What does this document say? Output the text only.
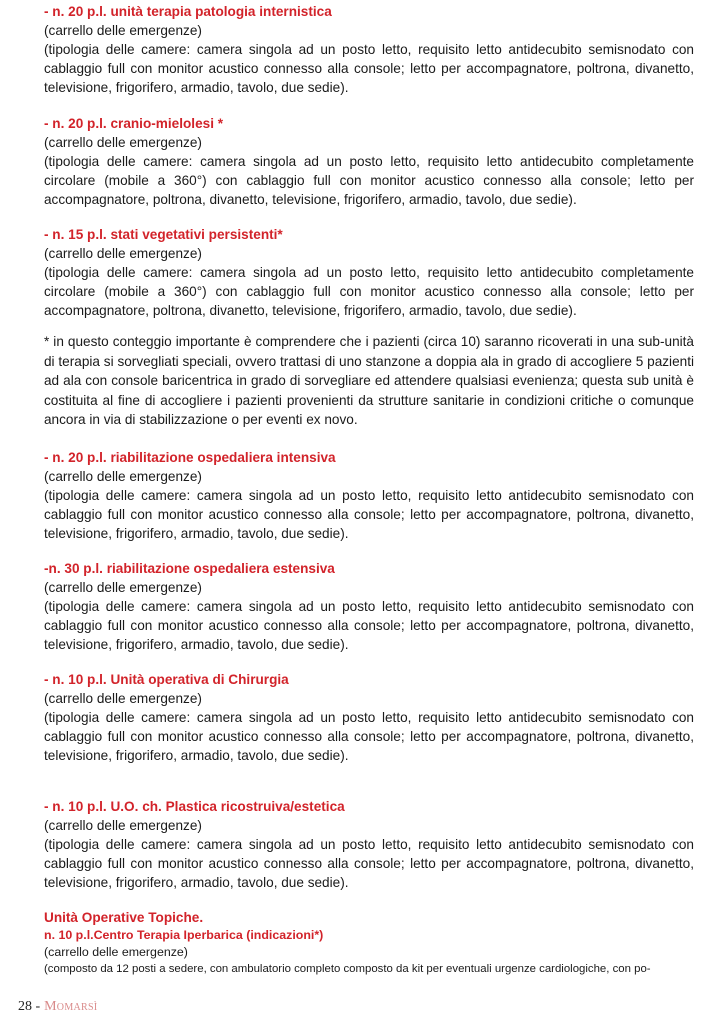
- n. 20 p.l. unità terapia patologia internistica
(carrello delle emergenze)
(tipologia delle camere: camera singola ad un posto letto, requisito letto antidecubito semisnodato con cablaggio full con monitor acustico connesso alla console; letto per accompagnatore, poltrona, divanetto, televisione, frigorifero, armadio, tavolo, due sedie).
- n. 20 p.l. cranio-mielolesi *
(carrello delle emergenze)
(tipologia delle camere: camera singola ad un posto letto, requisito letto antidecubito completamente circolare (mobile a 360°) con cablaggio full con monitor acustico connesso alla console; letto per accompagnatore, poltrona, divanetto, televisione, frigorifero, armadio, tavolo, due sedie).
- n. 15 p.l. stati vegetativi persistenti*
(carrello delle emergenze)
(tipologia delle camere: camera singola ad un posto letto, requisito letto antidecubito completamente circolare (mobile a 360°) con cablaggio full con monitor acustico connesso alla console; letto per accompagnatore, poltrona, divanetto, televisione, frigorifero, armadio, tavolo, due sedie).
* in questo conteggio importante è comprendere che i pazienti (circa 10) saranno ricoverati in una sub-unità di terapia si sorvegliati speciali, ovvero trattasi di uno stanzone a doppia ala in grado di accogliere 5 pazienti ad ala con console baricentrica in grado di sorvegliare ed attendere qualsiasi evenienza; questa sub unità è costituita al fine di accogliere i pazienti provenienti da strutture sanitarie in condizioni critiche o comunque ancora in via di stabilizzazione o per eventi ex novo.
- n. 20 p.l. riabilitazione ospedaliera intensiva
(carrello delle emergenze)
(tipologia delle camere: camera singola ad un posto letto, requisito letto antidecubito semisnodato con cablaggio full con monitor acustico connesso alla console; letto per accompagnatore, poltrona, divanetto, televisione, frigorifero, armadio, tavolo, due sedie).
-n. 30 p.l. riabilitazione ospedaliera estensiva
(carrello delle emergenze)
(tipologia delle camere: camera singola ad un posto letto, requisito letto antidecubito semisnodato con cablaggio full con monitor acustico connesso alla console; letto per accompagnatore, poltrona, divanetto, televisione, frigorifero, armadio, tavolo, due sedie).
- n. 10 p.l. Unità operativa di Chirurgia
(carrello delle emergenze)
(tipologia delle camere: camera singola ad un posto letto, requisito letto antidecubito semisnodato con cablaggio full con monitor acustico connesso alla console; letto per accompagnatore, poltrona, divanetto, televisione, frigorifero, armadio, tavolo, due sedie).
- n. 10 p.l. U.O. ch. Plastica ricostruiva/estetica
(carrello delle emergenze)
(tipologia delle camere: camera singola ad un posto letto, requisito letto antidecubito semisnodato con cablaggio full con monitor acustico connesso alla console; letto per accompagnatore, poltrona, divanetto, televisione, frigorifero, armadio, tavolo, due sedie).
Unità Operative Topiche.
n. 10 p.l.Centro Terapia Iperbarica (indicazioni*)
(carrello delle emergenze)
(composto da 12 posti a sedere, con ambulatorio completo composto da kit per eventuali urgenze cardiologiche, con po-
28 - Momarsì
